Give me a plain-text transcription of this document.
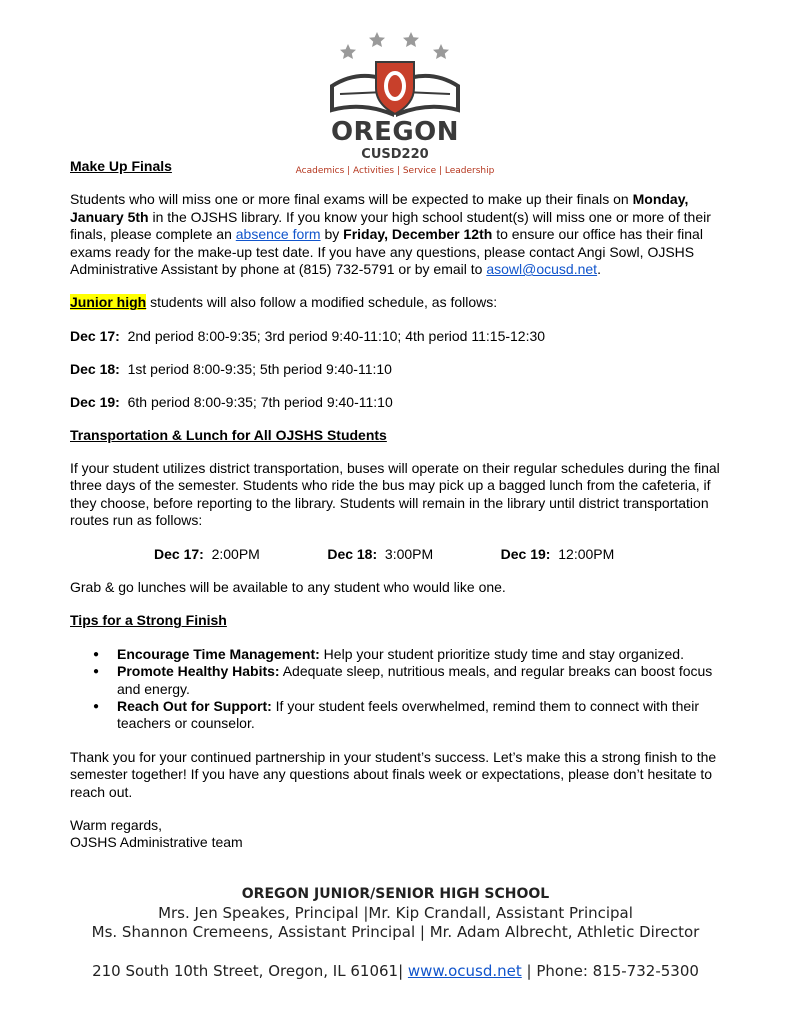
OREGON
CUSD220
Academics | Activities | Service | Leadership

Make Up Finals

Students who will miss one or more final exams will be expected to make up their finals on Monday, January 5th in the OJSHS library. If you know your high school student(s) will miss one or more of their finals, please complete an absence form by Friday, December 12th to ensure our office has their final exams ready for the make-up test date. If you have any questions, please contact Angi Sowl, OJSHS Administrative Assistant by phone at (815) 732-5791 or by email to asowl@ocusd.net.

Junior high students will also follow a modified schedule, as follows:

Dec 17: 2nd period 8:00-9:35; 3rd period 9:40-11:10; 4th period 11:15-12:30

Dec 18: 1st period 8:00-9:35; 5th period 9:40-11:10

Dec 19: 6th period 8:00-9:35; 7th period 9:40-11:10

Transportation & Lunch for All OJSHS Students

If your student utilizes district transportation, buses will operate on their regular schedules during the final three days of the semester. Students who ride the bus may pick up a bagged lunch from the cafeteria, if they choose, before reporting to the library. Students will remain in the library until district transportation routes run as follows:

Dec 17: 2:00PM	Dec 18: 3:00PM	Dec 19: 12:00PM

Grab & go lunches will be available to any student who would like one.

Tips for a Strong Finish

● Encourage Time Management: Help your student prioritize study time and stay organized.
● Promote Healthy Habits: Adequate sleep, nutritious meals, and regular breaks can boost focus and energy.
● Reach Out for Support: If your student feels overwhelmed, remind them to connect with their teachers or counselor.

Thank you for your continued partnership in your student’s success. Let’s make this a strong finish to the semester together! If you have any questions about finals week or expectations, please don’t hesitate to reach out.

Warm regards,
OJSHS Administrative team
OREGON JUNIOR/SENIOR HIGH SCHOOL
Mrs. Jen Speakes, Principal |Mr. Kip Crandall, Assistant Principal
Ms. Shannon Cremeens, Assistant Principal | Mr. Adam Albrecht, Athletic Director
210 South 10th Street, Oregon, IL 61061| www.ocusd.net | Phone: 815-732-5300
